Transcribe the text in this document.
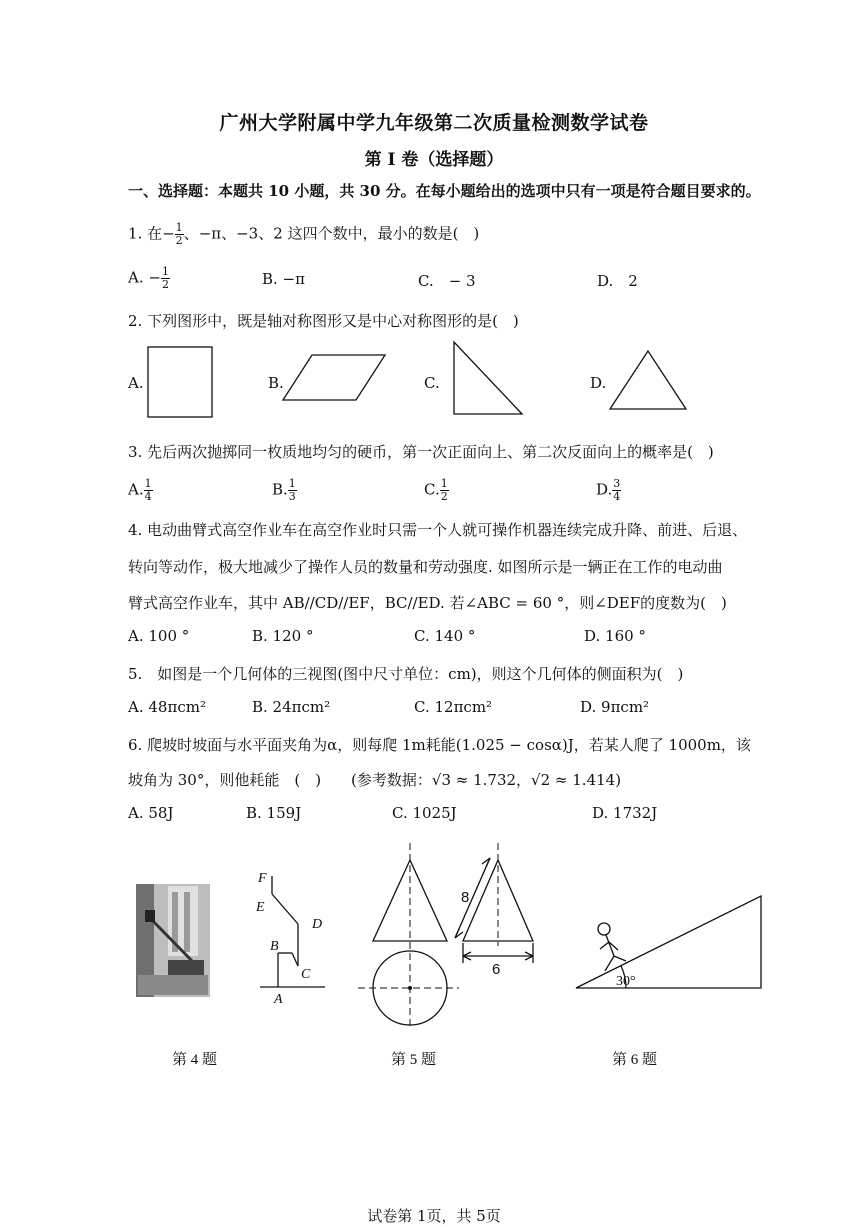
广州大学附属中学九年级第二次质量检测数学试卷
第 I 卷（选择题）
一、选择题：本题共 10 小题，共 30 分。在每小题给出的选项中只有一项是符合题目要求的。
1. 在− $\frac{1}{2}$ 、−π、−3、2 这四个数中，最小的数是(　)
A. − $\frac{1}{2}$	B. −π	C.　− 3	D.　2
2. 下列图形中，既是轴对称图形又是中心对称图形的是(　)
A.	B.	C.	D.
3. 先后两次抛掷同一枚质地均匀的硬币，第一次正面向上、第二次反面向上的概率是(　)
A. $\frac{1}{4}$	B. $\frac{1}{3}$	C. $\frac{1}{2}$	D. $\frac{3}{4}$
4. 电动曲臂式高空作业车在高空作业时只需一个人就可操作机器连续完成升降、前进、后退、
转向等动作，极大地减少了操作人员的数量和劳动强度. 如图所示是一辆正在工作的电动曲
臂式高空作业车，其中 AB//CD//EF，BC//ED. 若∠ABC = 60 °，则∠DEF的度数为(　)
A. 100 °	B. 120 °	C. 140 °	D. 160 °
5.　如图是一个几何体的三视图(图中尺寸单位：cm)，则这个几何体的侧面积为(　)
A. 48πcm²	B. 24πcm²	C. 12πcm²	D. 9πcm²
6. 爬坡时坡面与水平面夹角为α，则每爬 1m耗能(1.025 − cosα)J，若某人爬了 1000m，该
坡角为 30°，则他耗能　(　)　　(参考数据：√3 ≈ 1.732，√2 ≈ 1.414)
A. 58J	B. 159J	C. 1025J	D. 1732J
F
E
D
B
C
A
8
6
30°
第 4 题	第 5 题	第 6 题
试卷第 1页，共 5页
